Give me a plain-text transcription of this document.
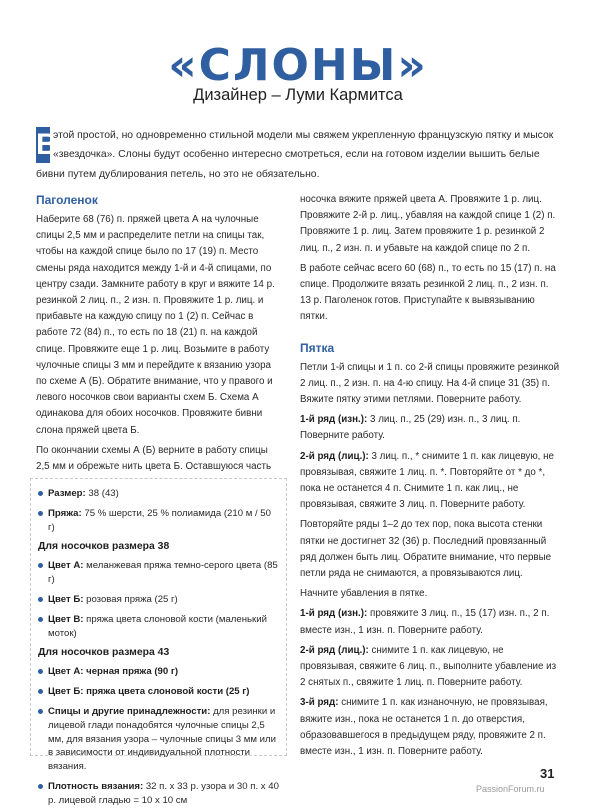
«СЛОНЫ»
Дизайнер – Луми Кармитса
В
этой простой, но одновременно стильной модели мы свяжем укрепленную французскую пятку и мысок «звездочка». Слоны будут особенно интересно смотреться, если на готовом изделии вышить белые бивни путем дублирования петель, но это не обязательно.
Паголенок
Наберите 68 (76) п. пряжей цвета А на чулочные спицы 2,5 мм и распределите петли на спицы так, чтобы на каждой спице было по 17 (19) п. Место смены ряда находится между 1-й и 4-й спицами, по центру сзади. Замкните работу в круг и вяжите 14 р. резинкой 2 лиц. п., 2 изн. п. Провяжите 1 р. лиц. и прибавьте на каждую спицу по 1 (2) п. Сейчас в работе 72 (84) п., то есть по 18 (21) п. на каждой спице. Провяжите еще 1 р. лиц. Возьмите в работу чулочные спицы 3 мм и перейдите к вязанию узора по схеме А (Б). Обратите внимание, что у правого и левого носочков свои варианты схем Б. Схема А одинакова для обоих носочков. Провяжите бивни слона пряжей цвета Б.
По окончании схемы А (Б) верните в работу спицы 2,5 мм и обрежьте нить цвета Б. Оставшуюся часть
носочка вяжите пряжей цвета А. Провяжите 1 р. лиц. Провяжите 2-й р. лиц., убавляя на каждой спице 1 (2) п. Провяжите 1 р. лиц. Затем провяжите 1 р. резинкой 2 лиц. п., 2 изн. п. и убавьте на каждой спице по 2 п.
В работе сейчас всего 60 (68) п., то есть по 15 (17) п. на спице. Продолжите вязать резинкой 2 лиц. п., 2 изн. п. 13 р. Паголенок готов. Приступайте к вывязыванию пятки.
Пятка
Петли 1-й спицы и 1 п. со 2-й спицы провяжите резинкой 2 лиц. п., 2 изн. п. на 4-ю спицу. На 4-й спице 31 (35) п. Вяжите пятку этими петлями. Поверните работу.
1-й ряд (изн.): 3 лиц. п., 25 (29) изн. п., 3 лиц. п. Поверните работу.
2-й ряд (лиц.): 3 лиц. п., * снимите 1 п. как лицевую, не провязывая, свяжите 1 лиц. п. *. Повторяйте от * до *, пока не останется 4 п. Снимите 1 п. как лиц., не провязывая, свяжите 3 лиц. п. Поверните работу.
Повторяйте ряды 1–2 до тех пор, пока высота стенки пятки не достигнет 32 (36) р. Последний провязанный ряд должен быть лиц. Обратите внимание, что первые петли ряда не снимаются, а провязываются лиц.
Начните убавления в пятке.
1-й ряд (изн.): провяжите 3 лиц. п., 15 (17) изн. п., 2 п. вместе изн., 1 изн. п. Поверните работу.
2-й ряд (лиц.): снимите 1 п. как лицевую, не провязывая, свяжите 6 лиц. п., выполните убавление из 2 снятых п., свяжите 1 лиц. п. Поверните работу.
3-й ряд: снимите 1 п. как изнаночную, не провязывая, вяжите изн., пока не останется 1 п. до отверстия, образовавшегося в предыдущем ряду, провяжите 2 п. вместе изн., 1 изн. п. Поверните работу.
Размер: 38 (43)
Пряжа: 75 % шерсти, 25 % полиамида (210 м / 50 г)
Для носочков размера 38
Цвет А: меланжевая пряжа темно-серого цвета (85 г)
Цвет Б: розовая пряжа (25 г)
Цвет В: пряжа цвета слоновой кости (маленький моток)
Для носочков размера 43
Цвет А: черная пряжа (90 г)
Цвет Б: пряжа цвета слоновой кости (25 г)
Спицы и другие принадлежности: для резинки и лицевой глади понадобятся чулочные спицы 2,5 мм, для вязания узора – чулочные спицы 3 мм или в зависимости от индивидуальной плотности вязания.
Плотность вязания: 32 п. x 33 р. узора и 30 п. x 40 р. лицевой гладью = 10 x 10 см
31
PassionForum.ru
